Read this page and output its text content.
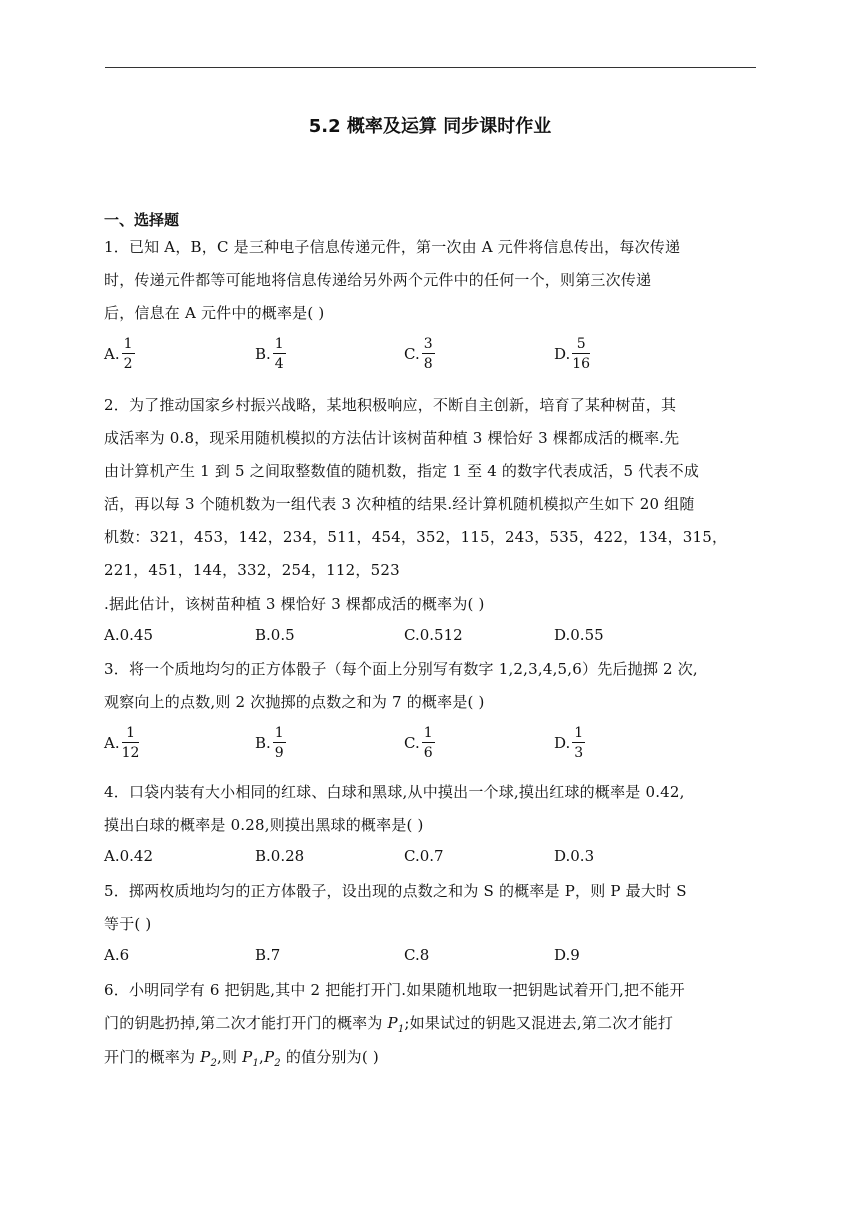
5.2 概率及运算 同步课时作业
一、选择题
1．已知 A，B，C 是三种电子信息传递元件，第一次由 A 元件将信息传出，每次传递
时，传递元件都等可能地将信息传递给另外两个元件中的任何一个，则第三次传递
后，信息在 A 元件中的概率是( )
A. $\frac{1}{2}$	B. $\frac{1}{4}$	C. $\frac{3}{8}$	D. $\frac{5}{16}$
2．为了推动国家乡村振兴战略，某地积极响应，不断自主创新，培育了某种树苗，其
成活率为 0.8，现采用随机模拟的方法估计该树苗种植 3 棵恰好 3 棵都成活的概率.先
由计算机产生 1 到 5 之间取整数值的随机数，指定 1 至 4 的数字代表成活，5 代表不成
活，再以每 3 个随机数为一组代表 3 次种植的结果.经计算机随机模拟产生如下 20 组随
机数：321，453，142，234，511，454，352，115，243，535，422，134，315，
221，451，144，332，254，112，523
.据此估计，该树苗种植 3 棵恰好 3 棵都成活的概率为( )
A.0.45	B.0.5	C.0.512	D.0.55
3．将一个质地均匀的正方体骰子（每个面上分别写有数字 1,2,3,4,5,6）先后抛掷 2 次,
观察向上的点数,则 2 次抛掷的点数之和为 7 的概率是( )
A. $\frac{1}{12}$	B. $\frac{1}{9}$	C. $\frac{1}{6}$	D. $\frac{1}{3}$
4．口袋内装有大小相同的红球、白球和黑球,从中摸出一个球,摸出红球的概率是 0.42,
摸出白球的概率是 0.28,则摸出黑球的概率是( )
A.0.42	B.0.28	C.0.7	D.0.3
5．掷两枚质地均匀的正方体骰子，设出现的点数之和为 S 的概率是 P，则 P 最大时 S
等于( )
A.6	B.7	C.8	D.9
6．小明同学有 6 把钥匙,其中 2 把能打开门.如果随机地取一把钥匙试着开门,把不能开
门的钥匙扔掉,第二次才能打开门的概率为 $P_1$;如果试过的钥匙又混进去,第二次才能打
开门的概率为 $P_2$,则 $P_1,P_2$ 的值分别为( )
